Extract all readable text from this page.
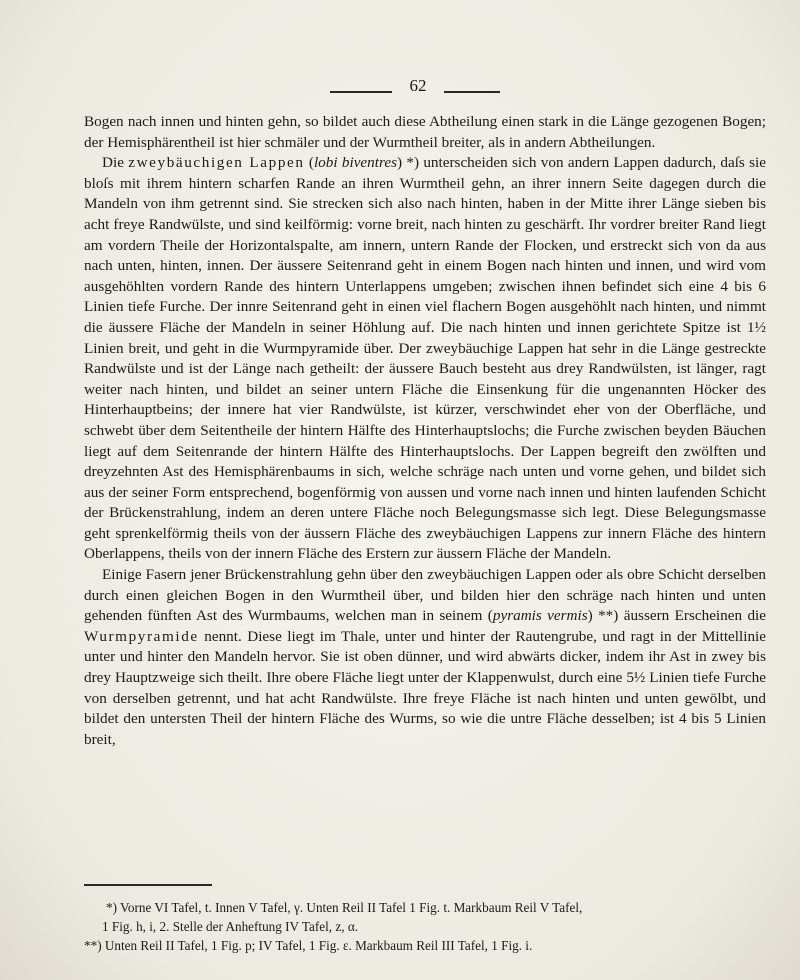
62

Bogen nach innen und hinten gehn, so bildet auch diese Abtheilung einen stark in die Länge gezogenen Bogen; der Hemisphärentheil ist hier schmäler und der Wurmtheil breiter, als in andern Abtheilungen.

Die zweybäuchigen Lappen (lobi biventres) *) unterscheiden sich von andern Lappen dadurch, daſs sie bloſs mit ihrem hintern scharfen Rande an ihren Wurmtheil gehn, an ihrer innern Seite dagegen durch die Mandeln von ihm getrennt sind. Sie strecken sich also nach hinten, haben in der Mitte ihrer Länge sieben bis acht freye Randwülste, und sind keilförmig: vorne breit, nach hinten zu geschärft. Ihr vordrer breiter Rand liegt am vordern Theile der Horizontalspalte, am innern, untern Rande der Flocken, und erstreckt sich von da aus nach unten, hinten, innen. Der äussere Seitenrand geht in einem Bogen nach hinten und innen, und wird vom ausgehöhlten vordern Rande des hintern Unterlappens umgeben; zwischen ihnen befindet sich eine 4 bis 6 Linien tiefe Furche. Der innre Seitenrand geht in einen viel flachern Bogen ausgehöhlt nach hinten, und nimmt die äussere Fläche der Mandeln in seiner Höhlung auf. Die nach hinten und innen gerichtete Spitze ist 1½ Linien breit, und geht in die Wurmpyramide über. Der zweybäuchige Lappen hat sehr in die Länge gestreckte Randwülste und ist der Länge nach getheilt: der äussere Bauch besteht aus drey Randwülsten, ist länger, ragt weiter nach hinten, und bildet an seiner untern Fläche die Einsenkung für die ungenannten Höcker des Hinterhauptbeins; der innere hat vier Randwülste, ist kürzer, verschwindet eher von der Oberfläche, und schwebt über dem Seitentheile der hintern Hälfte des Hinterhauptslochs; die Furche zwischen beyden Bäuchen liegt auf dem Seitenrande der hintern Hälfte des Hinterhauptslochs. Der Lappen begreift den zwölften und dreyzehnten Ast des Hemisphärenbaums in sich, welche schräge nach unten und vorne gehen, und bildet sich aus der seiner Form entsprechend, bogenförmig von aussen und vorne nach innen und hinten laufenden Schicht der Brückenstrahlung, indem an deren untere Fläche noch Belegungsmasse sich legt. Diese Belegungsmasse geht sprenkelförmig theils von der äussern Fläche des zweybäuchigen Lappens zur innern Fläche des hintern Oberlappens, theils von der innern Fläche des Erstern zur äussern Fläche der Mandeln.

Einige Fasern jener Brückenstrahlung gehn über den zweybäuchigen Lappen oder als obre Schicht derselben durch einen gleichen Bogen in den Wurmtheil über, und bilden hier den schräge nach hinten und unten gehenden fünften Ast des Wurmbaums, welchen man in seinem (pyramis vermis) **) äussern Erscheinen die Wurmpyramide nennt. Diese liegt im Thale, unter und hinter der Rautengrube, und ragt in der Mittellinie unter und hinter den Mandeln hervor. Sie ist oben dünner, und wird abwärts dicker, indem ihr Ast in zwey bis drey Hauptzweige sich theilt. Ihre obere Fläche liegt unter der Klappenwulst, durch eine 5½ Linien tiefe Furche von derselben getrennt, und hat acht Randwülste. Ihre freye Fläche ist nach hinten und unten gewölbt, und bildet den untersten Theil der hintern Fläche des Wurms, so wie die untre Fläche desselben; ist 4 bis 5 Linien breit,

*) Vorne VI Tafel, t. Innen V Tafel, γ. Unten Reil II Tafel 1 Fig. t. Markbaum Reil V Tafel,

1 Fig. h, i, 2. Stelle der Anheftung IV Tafel, z, α.

**) Unten Reil II Tafel, 1 Fig. p; IV Tafel, 1 Fig. ε. Markbaum Reil III Tafel, 1 Fig. i.
